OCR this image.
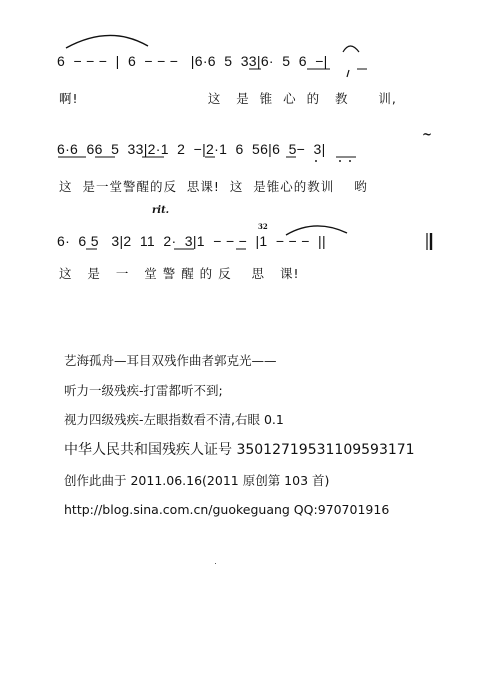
rit.
~
32
6  − − −  |  6  − − −   |6·6  5  33|6·  5  6  −|
啊!                          这   是  锥  心  的   教      训,
6·6  66  5  33|2·1  2  −|2·1  6  56|6  5−  3|
这  是一堂警醒的反  思课!  这  是锥心的教训    哟
6·  6 5   3|2  11  2·  3|1  − − −  |1  − − −  ||
这   是   一   堂 警 醒 的 反    思   课!
艺海孤舟—耳目双残作曲者郭克光——
听力一级残疾-打雷都听不到;
视力四级残疾-左眼指数看不清,右眼 0.1
中华人民共和国残疾人证号 35012719531109593171
创作此曲于 2011.06.16(2011 原创第 103 首)
http://blog.sina.com.cn/guokeguang QQ:970701916
